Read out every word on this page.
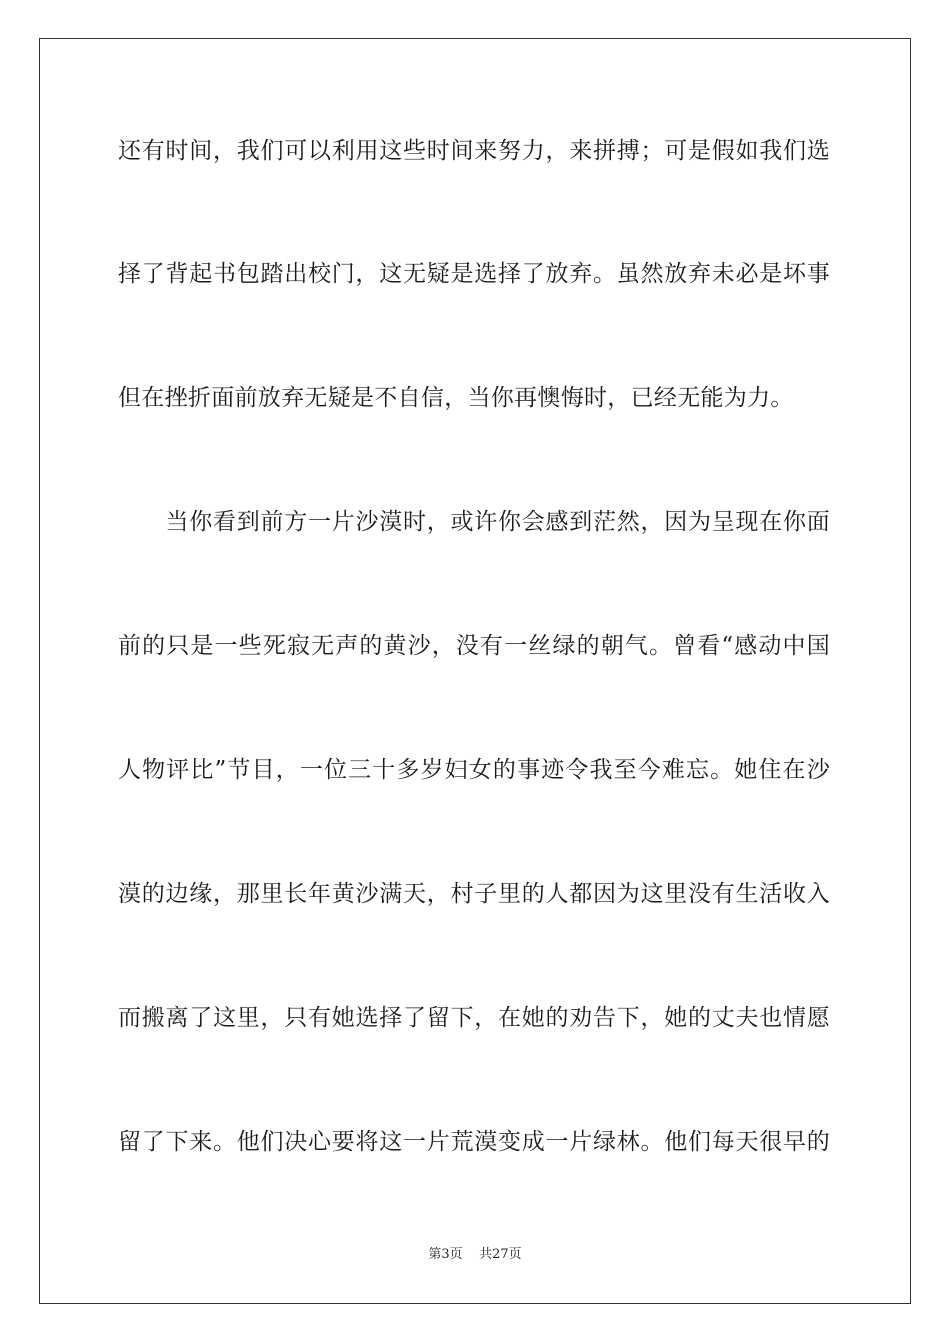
还有时间，我们可以利用这些时间来努力，来拼搏；可是假如我们选
择了背起书包踏出校门，这无疑是选择了放弃。虽然放弃未必是坏事
但在挫折面前放弃无疑是不自信，当你再懊悔时，已经无能为力。
　　当你看到前方一片沙漠时，或许你会感到茫然，因为呈现在你面
前的只是一些死寂无声的黄沙，没有一丝绿的朝气。曾看“感动中国
人物评比”节目，一位三十多岁妇女的事迹令我至今难忘。她住在沙
漠的边缘，那里长年黄沙满天，村子里的人都因为这里没有生活收入
而搬离了这里，只有她选择了留下，在她的劝告下，她的丈夫也情愿
留了下来。他们决心要将这一片荒漠变成一片绿林。他们每天很早的
第3页 共27页
